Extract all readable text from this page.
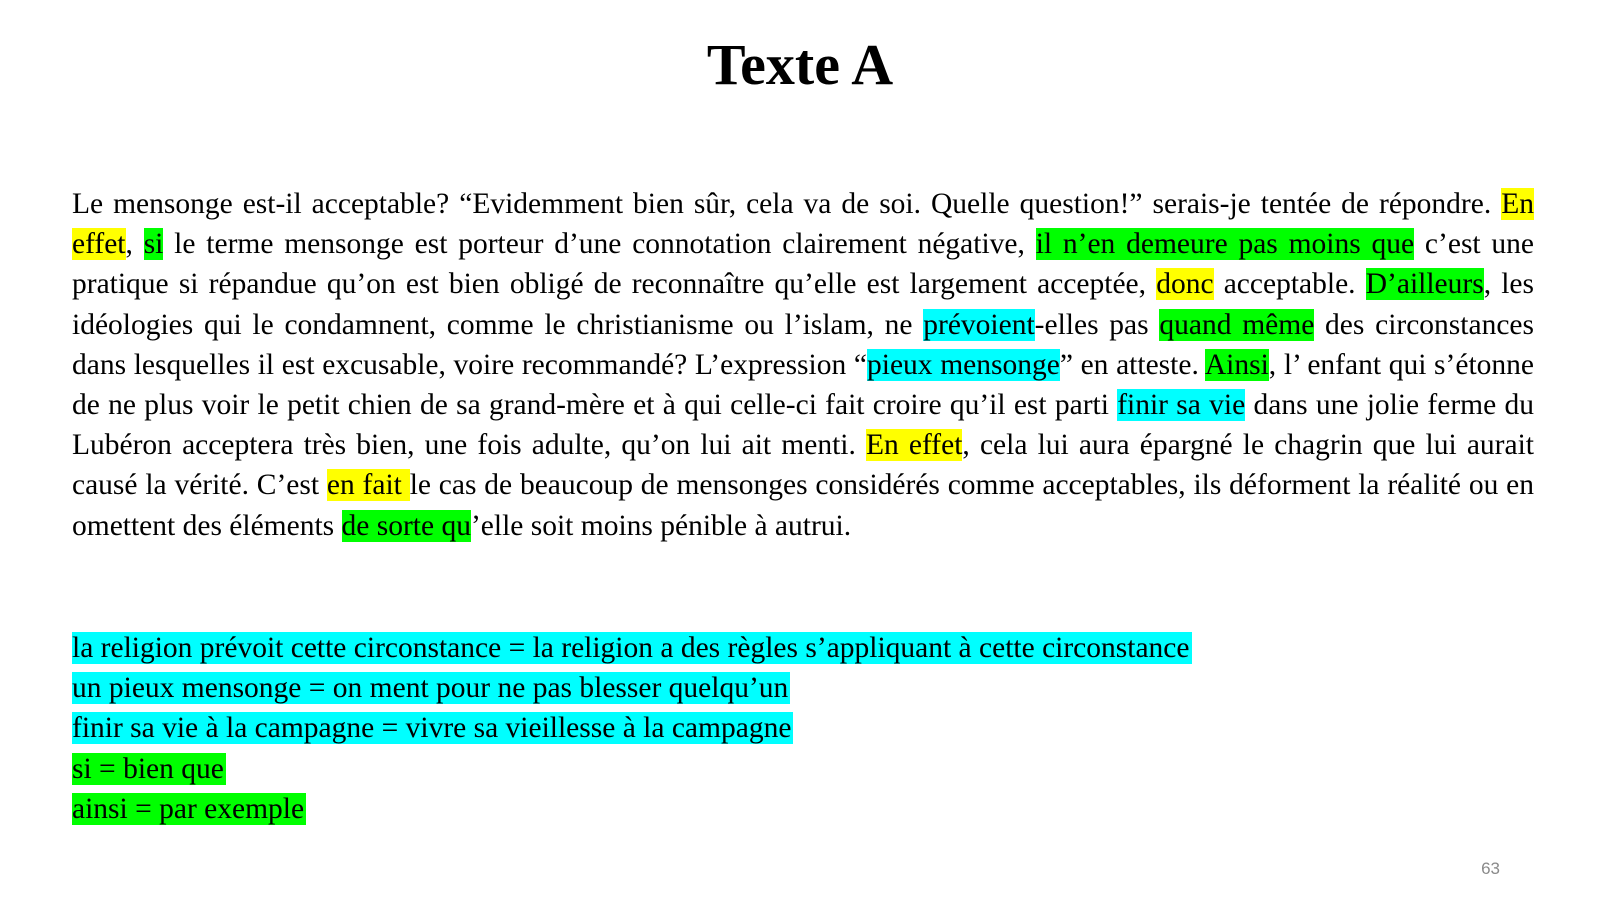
Texte A

Le mensonge est-il acceptable? “Evidemment bien sûr, cela va de soi. Quelle question!” serais-je tentée de répondre. En effet, si le terme mensonge est porteur d’une connotation clairement négative, il n’en demeure pas moins que c’est une pratique si répandue qu’on est bien obligé de reconnaître qu’elle est largement acceptée, donc acceptable. D’ailleurs, les idéologies qui le condamnent, comme le christianisme ou l’islam, ne prévoient-elles pas quand même des circonstances dans lesquelles il est excusable, voire recommandé? L’expression “pieux mensonge” en atteste. Ainsi, l’ enfant qui s’étonne de ne plus voir le petit chien de sa grand-mère et à qui celle-ci fait croire qu’il est parti finir sa vie dans une jolie ferme du Lubéron acceptera très bien, une fois adulte, qu’on lui ait menti. En effet, cela lui aura épargné le chagrin que lui aurait causé la vérité. C’est en fait le cas de beaucoup de mensonges considérés comme acceptables, ils déforment la réalité ou en omettent des éléments de sorte qu’elle soit moins pénible à autrui.

la religion prévoit cette circonstance = la religion a des règles s’appliquant à cette circonstance
un pieux mensonge = on ment pour ne pas blesser quelqu’un
finir sa vie à la campagne = vivre sa vieillesse à la campagne
si = bien que
ainsi = par exemple
63
